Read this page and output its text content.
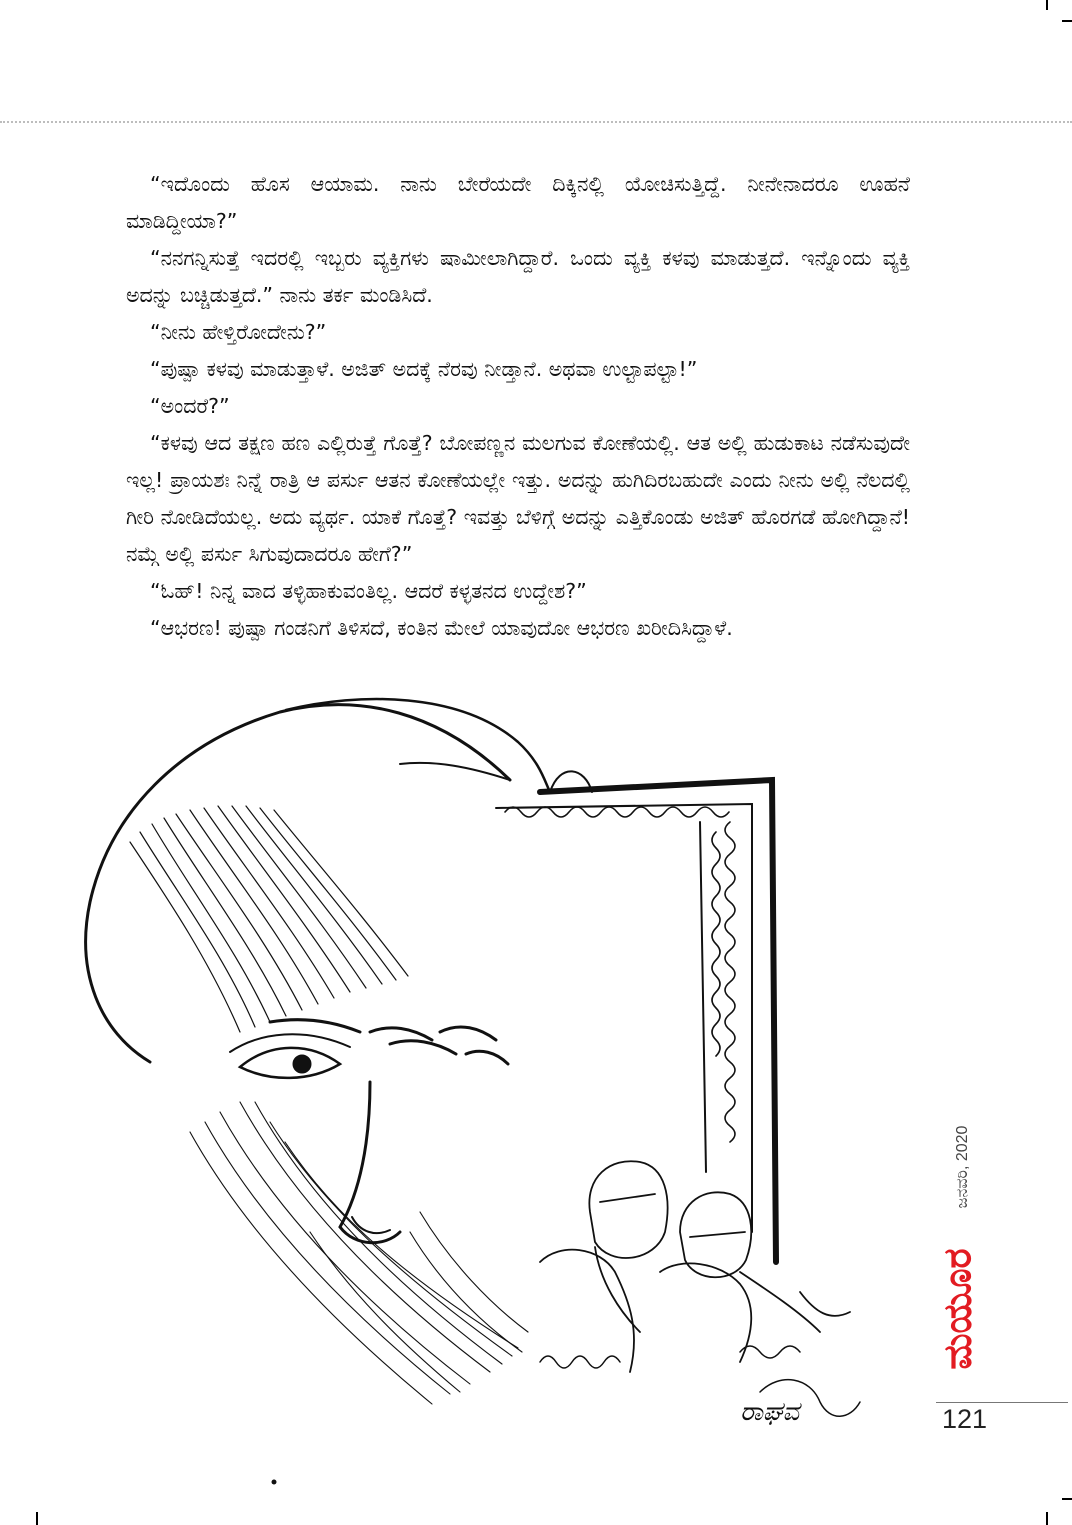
“ಇದೊಂದು ಹೊಸ ಆಯಾಮ. ನಾನು ಬೇರೆಯದೇ ದಿಕ್ಕಿನಲ್ಲಿ ಯೋಚಿಸುತ್ತಿದ್ದೆ. ನೀನೇನಾದರೂ ಊಹನೆ ಮಾಡಿದ್ದೀಯಾ?”

“ನನಗನ್ನಿಸುತ್ತೆ ಇದರಲ್ಲಿ ಇಬ್ಬರು ವ್ಯಕ್ತಿಗಳು ಷಾಮೀಲಾಗಿದ್ದಾರೆ. ಒಂದು ವ್ಯಕ್ತಿ ಕಳವು ಮಾಡುತ್ತದೆ. ಇನ್ನೊಂದು ವ್ಯಕ್ತಿ ಅದನ್ನು ಬಚ್ಚಿಡುತ್ತದೆ.” ನಾನು ತರ್ಕ ಮಂಡಿಸಿದೆ.

“ನೀನು ಹೇಳ್ತಿರೋದೇನು?”

“ಪುಷ್ಪಾ ಕಳವು ಮಾಡುತ್ತಾಳೆ. ಅಜಿತ್ ಅದಕ್ಕೆ ನೆರವು ನೀಡ್ತಾನೆ. ಅಥವಾ ಉಲ್ಟಾಪಲ್ಟಾ!”

“ಅಂದರೆ?”

“ಕಳವು ಆದ ತಕ್ಷಣ ಹಣ ಎಲ್ಲಿರುತ್ತೆ ಗೊತ್ತೆ? ಬೋಪಣ್ಣನ ಮಲಗುವ ಕೋಣೆಯಲ್ಲಿ. ಆತ ಅಲ್ಲಿ ಹುಡುಕಾಟ ನಡೆಸುವುದೇ ಇಲ್ಲ! ಪ್ರಾಯಶಃ ನಿನ್ನೆ ರಾತ್ರಿ ಆ ಪರ್ಸು ಆತನ ಕೋಣೆಯಲ್ಲೇ ಇತ್ತು. ಅದನ್ನು ಹುಗಿದಿರಬಹುದೇ ಎಂದು ನೀನು ಅಲ್ಲಿ ನೆಲದಲ್ಲಿ ಗೀರಿ ನೋಡಿದೆಯಲ್ಲ. ಅದು ವ್ಯರ್ಥ. ಯಾಕೆ ಗೊತ್ತೆ? ಇವತ್ತು ಬೆಳಿಗ್ಗೆ ಅದನ್ನು ಎತ್ತಿಕೊಂಡು ಅಜಿತ್ ಹೊರಗಡೆ ಹೋಗಿದ್ದಾನೆ! ನಮ್ಗೆ ಅಲ್ಲಿ ಪರ್ಸು ಸಿಗುವುದಾದರೂ ಹೇಗೆ?”

“ಓಹ್! ನಿನ್ನ ವಾದ ತಳ್ಳಿಹಾಕುವಂತಿಲ್ಲ. ಆದರೆ ಕಳ್ಳತನದ ಉದ್ದೇಶ?”

“ಆಭರಣ! ಪುಷ್ಪಾ ಗಂಡನಿಗೆ ತಿಳಿಸದೆ, ಕಂತಿನ ಮೇಲೆ ಯಾವುದೋ ಆಭರಣ ಖರೀದಿಸಿದ್ದಾಳೆ.

ರಾಘವ
ಜನವರಿ, 2020
ಮಯೂರ
121
